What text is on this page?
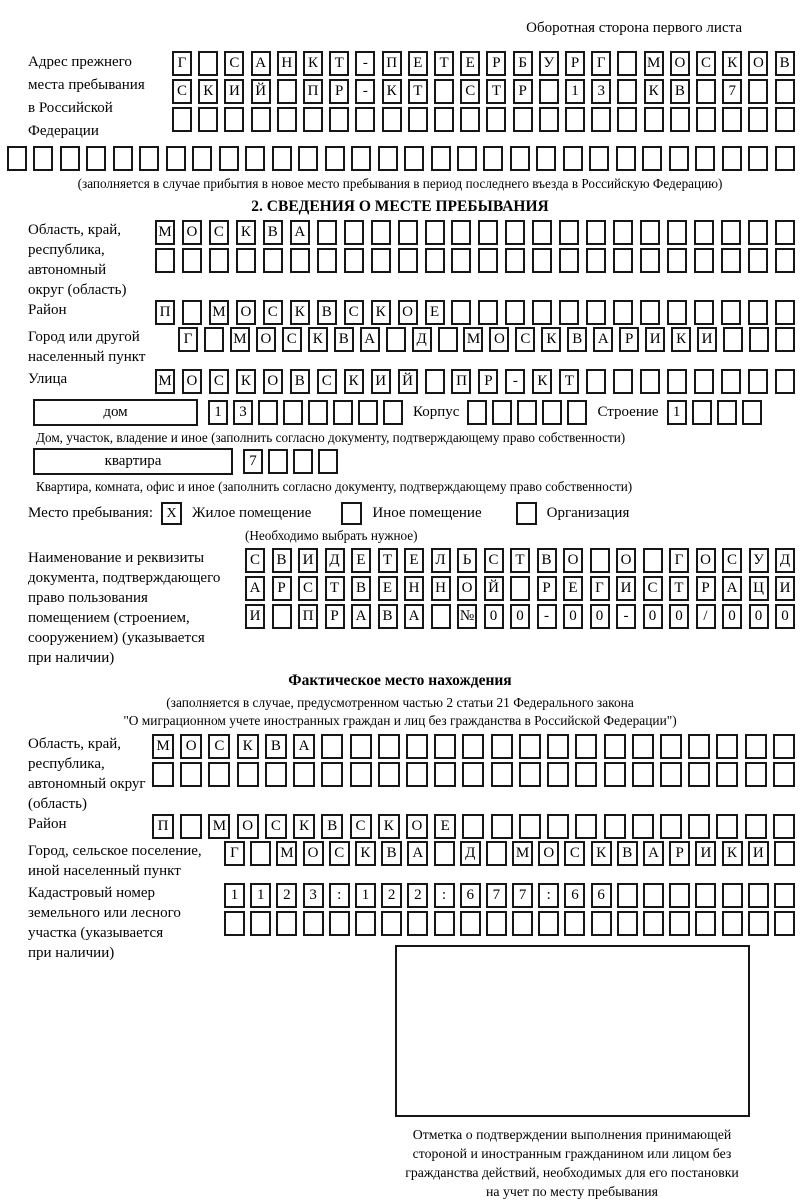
Оборотная сторона первого листа
Адрес прежнего
места пребывания
в Российской
Федерации
Г	С	А	Н	К	Т	-	П	Е	Т	Е	Р	Б	У	Р	Г	М О	С	К	О	В
С	К	И	Й	П	Р	-	К	Т	С	Т	Р	1	3	К	В	7
(заполняется в случае прибытия в новое место пребывания в период последнего въезда в Российскую Федерацию)
2. СВЕДЕНИЯ О МЕСТЕ ПРЕБЫВАНИЯ
Область, край,
республика,
автономный
округ (область)
М О	С	К	В	А
Район	П	М О	С	К	В	С	К	О	Е
Город или другой
населенный пункт
Г	М О	С	К	В	А	Д	М О	С	К	В	А	Р	И	К	И
Улица	М О	С	К	О	В	С	К	И	Й	П	Р	-	К	Т
дом	1	3	Корпус	Строение 1
Дом, участок, владение и иное (заполнить согласно документу, подтверждающему право собственности)
квартира	7
Квартира, комната, офис и иное (заполнить согласно документу, подтверждающему право собственности)
Место пребывания: X	Жилое помещение	Иное помещение	Организация
(Необходимо выбрать нужное)
Наименование и реквизиты
документа, подтверждающего
право пользования
помещением (строением,
сооружением) (указывается
при наличии)
С	В	И	Д	Е	Т	Е	Л	Ь	С	Т	В	О	О	Г	О	С	У	Д
А	Р	С	Т	В	Е	Н	Н	О	Й	Р	Е	Г	И	С	Т	Р	А	Ц	И
И	П	Р	А	В	А	№	0	0	-	0	0	-	0	0	/	0	0	0
Фактическое место нахождения
(заполняется в случае, предусмотренном частью 2 статьи 21 Федерального закона
"О миграционном учете иностранных граждан и лиц без гражданства в Российской Федерации")
Область, край,
республика,
автономный округ
(область)
М	О	С	К	В	А
Район	П	М	О	С	К	В	С	К	О	Е
Город, сельское поселение,
иной населенный пункт
Г	М О	С	К	В	А	Д	М О	С	К	В	А	Р	И	К	И
Кадастровый номер
земельного или лесного
участка (указывается
при наличии)
1	1	2	3	:	1	2	2	:	6	7	7	:	6	6
Отметка о подтверждении выполнения принимающей
стороной и иностранным гражданином или лицом без
гражданства действий, необходимых для его постановки
на учет по месту пребывания
